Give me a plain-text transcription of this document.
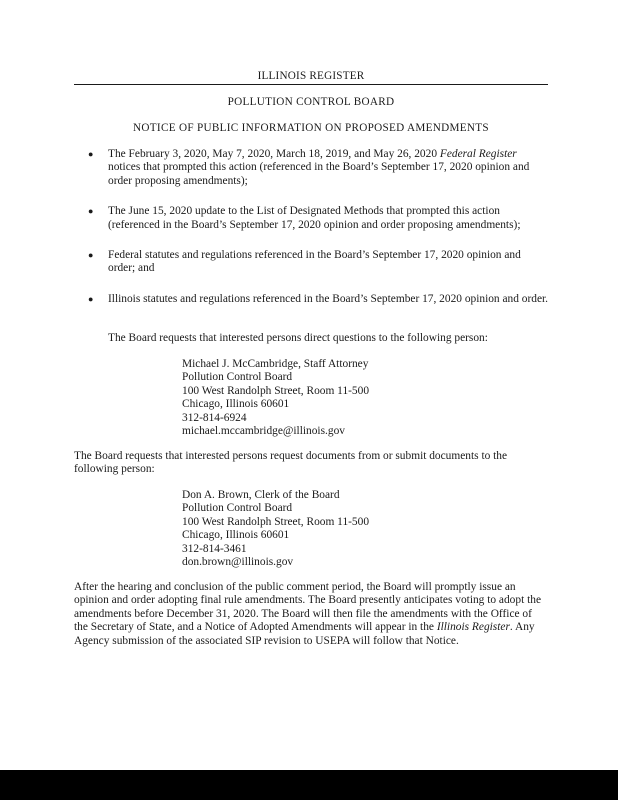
ILLINOIS REGISTER
POLLUTION CONTROL BOARD
NOTICE OF PUBLIC INFORMATION ON PROPOSED AMENDMENTS
● The February 3, 2020, May 7, 2020, March 18, 2019, and May 26, 2020 Federal Register notices that prompted this action (referenced in the Board’s September 17, 2020 opinion and order proposing amendments);
● The June 15, 2020 update to the List of Designated Methods that prompted this action (referenced in the Board’s September 17, 2020 opinion and order proposing amendments);
● Federal statutes and regulations referenced in the Board’s September 17, 2020 opinion and order; and
● Illinois statutes and regulations referenced in the Board’s September 17, 2020 opinion and order.
The Board requests that interested persons direct questions to the following person:
Michael J. McCambridge, Staff Attorney
Pollution Control Board
100 West Randolph Street, Room 11-500
Chicago, Illinois 60601
312-814-6924
michael.mccambridge@illinois.gov
The Board requests that interested persons request documents from or submit documents to the following person:
Don A. Brown, Clerk of the Board
Pollution Control Board
100 West Randolph Street, Room 11-500
Chicago, Illinois 60601
312-814-3461
don.brown@illinois.gov
After the hearing and conclusion of the public comment period, the Board will promptly issue an opinion and order adopting final rule amendments. The Board presently anticipates voting to adopt the amendments before December 31, 2020. The Board will then file the amendments with the Office of the Secretary of State, and a Notice of Adopted Amendments will appear in the Illinois Register. Any Agency submission of the associated SIP revision to USEPA will follow that Notice.
